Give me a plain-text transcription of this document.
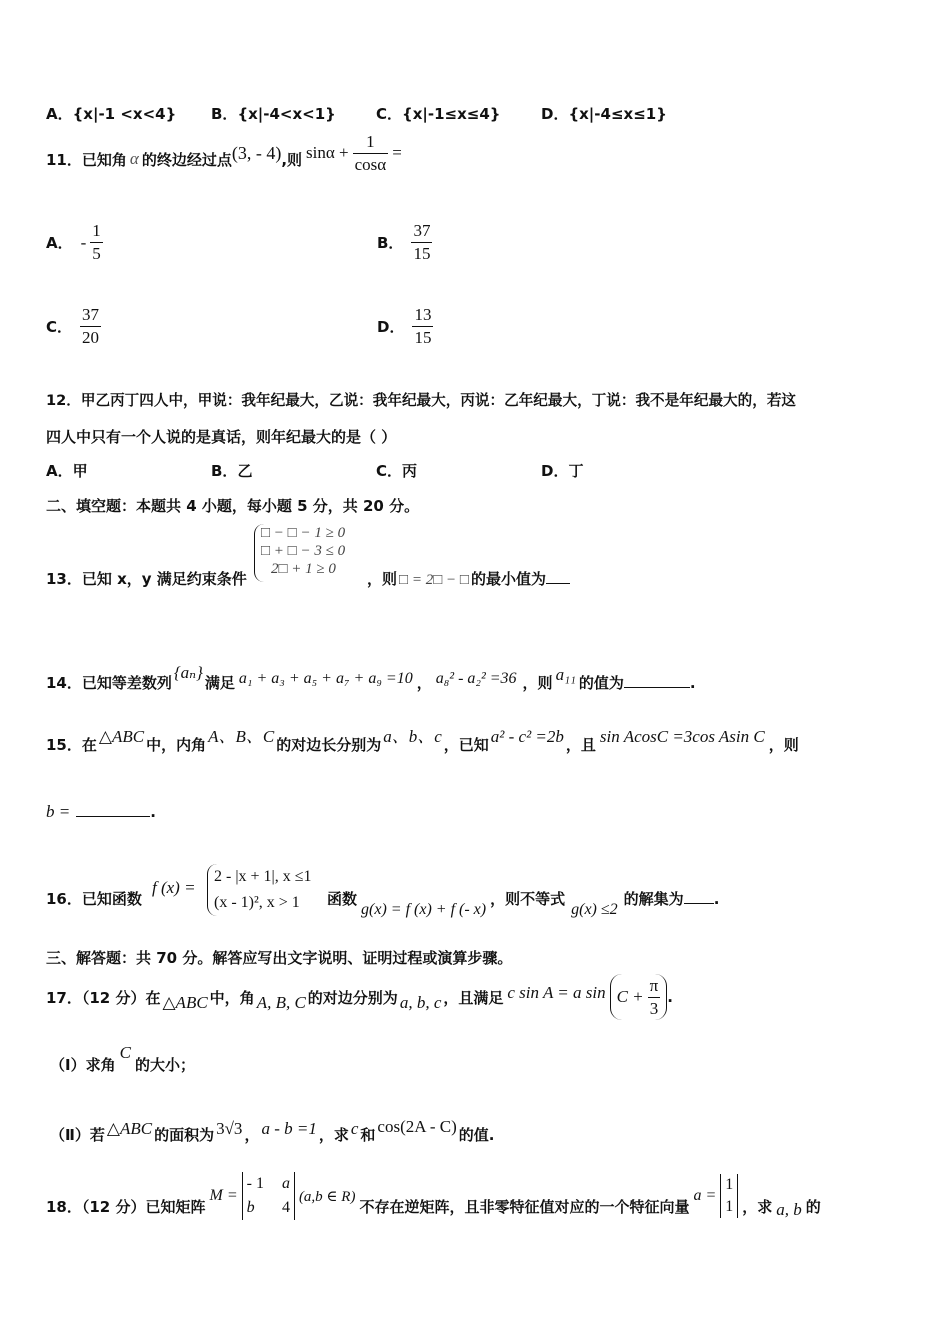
A．{x|-1 <x<4} B．{x|-4<x<1}	C．{x|-1≤x≤4}	D．{x|-4≤x≤1}
11．已知角 α 的终边经过点 (3, - 4) ,则 $\sin\alpha + \frac{1}{\cos\alpha}$ =
A． - $\frac{1}{5}$	B． $\frac{37}{15}$
C． $\frac{37}{20}$	D． $\frac{13}{15}$
12．甲乙丙丁四人中，甲说：我年纪最大，乙说：我年纪最大，丙说：乙年纪最大，丁说：我不是年纪最大的，若这
四人中只有一个人说的是真话，则年纪最大的是（ ）
A．甲	B．乙	C．丙	D．丁
二、填空题：本题共 4 小题，每小题 5 分，共 20 分。
□ − □ − 1 ≥ 0
□ + □ − 3 ≤ 0
2□ + 1 ≥ 0
13．已知 x，y 满足约束条件	，则 □ = 2□ − □ 的最小值为
14．已知等差数列
{aₙ}
满足 a₁ + a₃ + a₅ + a₇ + a₉ =10 ， a₈² - a₂² =36 ，则 a₁₁ 的值为	.
15．在 △ABC 中，内角 A、B、C 的对边长分别为 a、b、c ，已知 a² - c² =2b ，且 sin AcosC =3cos Asin C ，则
b =	.
16．已知函数
f (x) =
2 - |x + 1|, x ≤1
(x - 1)², x > 1	函数
g(x) = f (x) + f (- x)
，则不等式
g(x) ≤2
的解集为 .
三、解答题：共 70 分。解答应写出文字说明、证明过程或演算步骤。
17．（12 分）在 △ABC 中，角 A, B, C 的对边分别为 a, b, c ，且满足 c sin A = a $\sin C + \frac{\pi}{3}$ .
（Ⅰ）求角
C
的大小；
（Ⅱ）若 △ABC 的面积为 3√3 ， a - b =1 ，求 c 和 cos(2A - C) 的值.
18．（12 分）已知矩阵
M =
- 1 a
b	4
(a,b ∈ R)
不存在逆矩阵，且非零特征值对应的一个特征向量
a =
1
1 ，求 a, b 的
